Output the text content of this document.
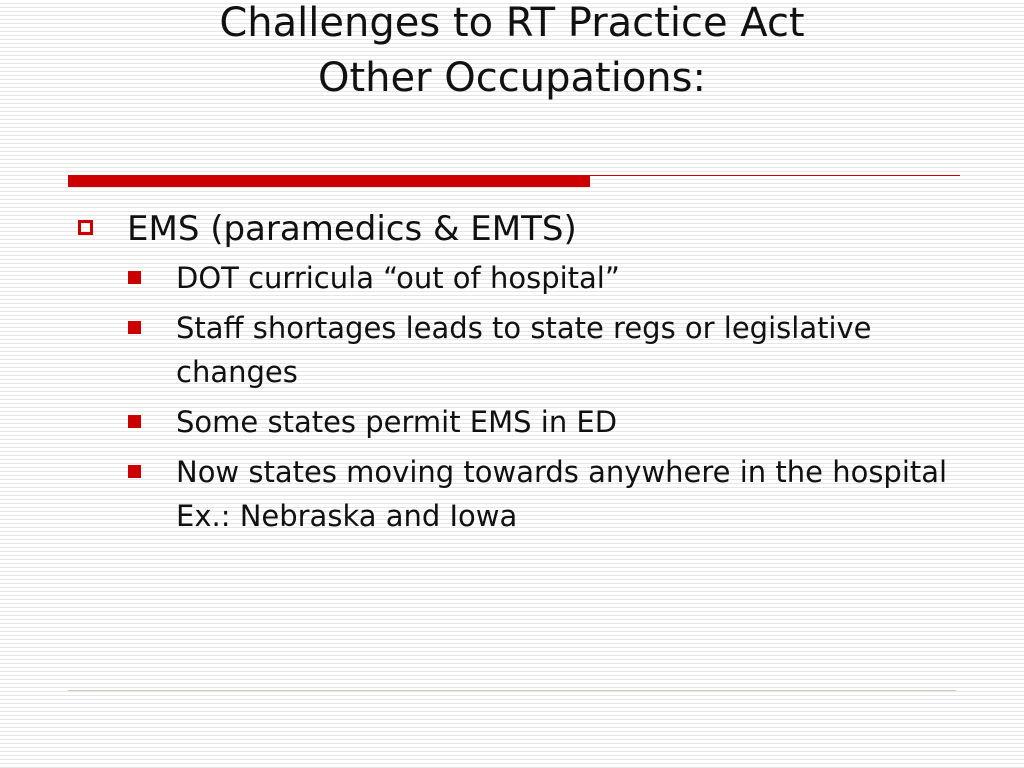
Challenges to RT Practice Act
Other Occupations:
EMS (paramedics & EMTS)
DOT curricula “out of hospital”
Staff shortages leads to state regs or legislative changes
Some states permit EMS in ED
Now states moving towards anywhere in the hospital Ex.: Nebraska and Iowa
